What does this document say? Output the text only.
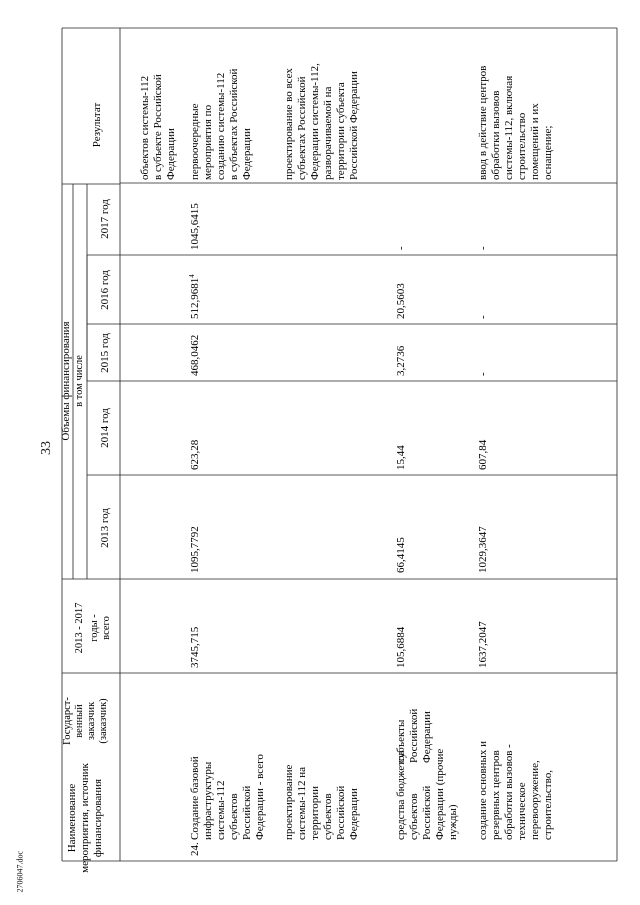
33
2706047.doc
Результат
Объемы финансирования в том числе
2013 год
2014 год
2015 год
2016 год
2017 год
2013 - 2017 годы - всего
Государст- венный заказчик (заказчик)
Наименование мероприятия, источник финансирования
объектов системы-112 в субъекте Российской Федерации
24.
Создание базовой инфраструктуры системы-112 субъектов Российской Федерации - всего
3745,715
1095,7792
623,28
468,0462
512,9681$^4$
1045,6415
первоочередные мероприятия по созданию системы-112 в субъектах Российской Федерации
проектирование системы-112 на территории субъектов Российской Федерации
проектирование во всех субъектах Российской Федерации системы-112, разворачиваемой на территории субъекта Российской Федерации
средства бюджетов субъектов Российской Федерации (прочие нужды)
субъекты Российской Федерации
105,6884
66,4145
15,44
3,2736
20,5603
-
создание основных и резервных центров обработки вызовов - техническое перевооружение, строительство,
1637,2047
1029,3647
607,84
-
-
-
ввод в действие центров обработки вызовов системы-112, включая строительство помещений и их оснащение;
